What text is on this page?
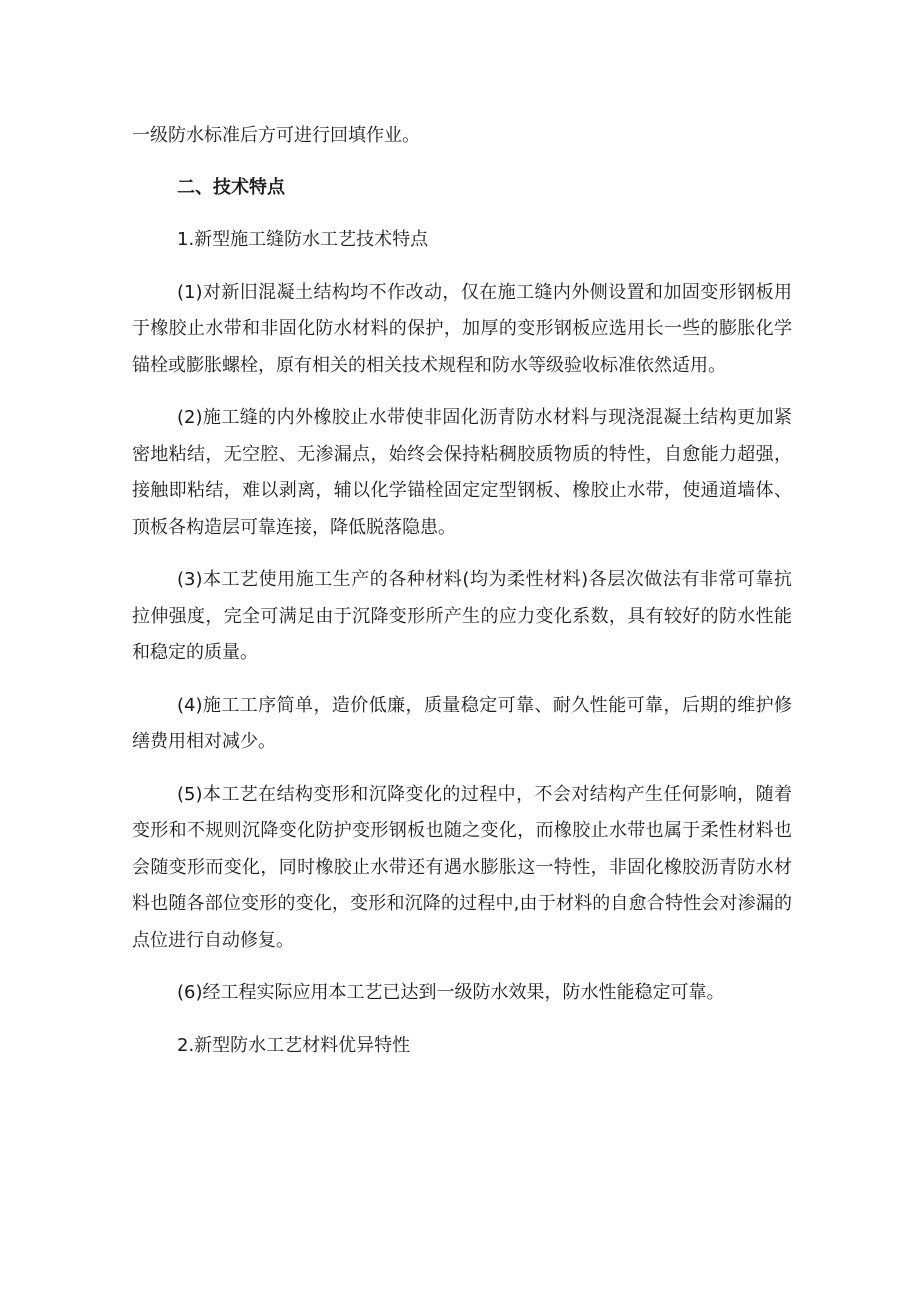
一级防水标准后方可进行回填作业。

二、技术特点

1.新型施工缝防水工艺技术特点

(1)对新旧混凝土结构均不作改动，仅在施工缝内外侧设置和加固变形钢板用于橡胶止水带和非固化防水材料的保护，加厚的变形钢板应选用长一些的膨胀化学锚栓或膨胀螺栓，原有相关的相关技术规程和防水等级验收标准依然适用。

(2)施工缝的内外橡胶止水带使非固化沥青防水材料与现浇混凝土结构更加紧密地粘结，无空腔、无渗漏点，始终会保持粘稠胶质物质的特性，自愈能力超强，接触即粘结，难以剥离，辅以化学锚栓固定定型钢板、橡胶止水带，使通道墙体、顶板各构造层可靠连接，降低脱落隐患。

(3)本工艺使用施工生产的各种材料(均为柔性材料)各层次做法有非常可靠抗拉伸强度，完全可满足由于沉降变形所产生的应力变化系数，具有较好的防水性能和稳定的质量。

(4)施工工序简单，造价低廉，质量稳定可靠、耐久性能可靠，后期的维护修缮费用相对减少。

(5)本工艺在结构变形和沉降变化的过程中，不会对结构产生任何影响，随着变形和不规则沉降变化防护变形钢板也随之变化，而橡胶止水带也属于柔性材料也会随变形而变化，同时橡胶止水带还有遇水膨胀这一特性，非固化橡胶沥青防水材料也随各部位变形的变化，变形和沉降的过程中,由于材料的自愈合特性会对渗漏的点位进行自动修复。

(6)经工程实际应用本工艺已达到一级防水效果，防水性能稳定可靠。

2.新型防水工艺材料优异特性
